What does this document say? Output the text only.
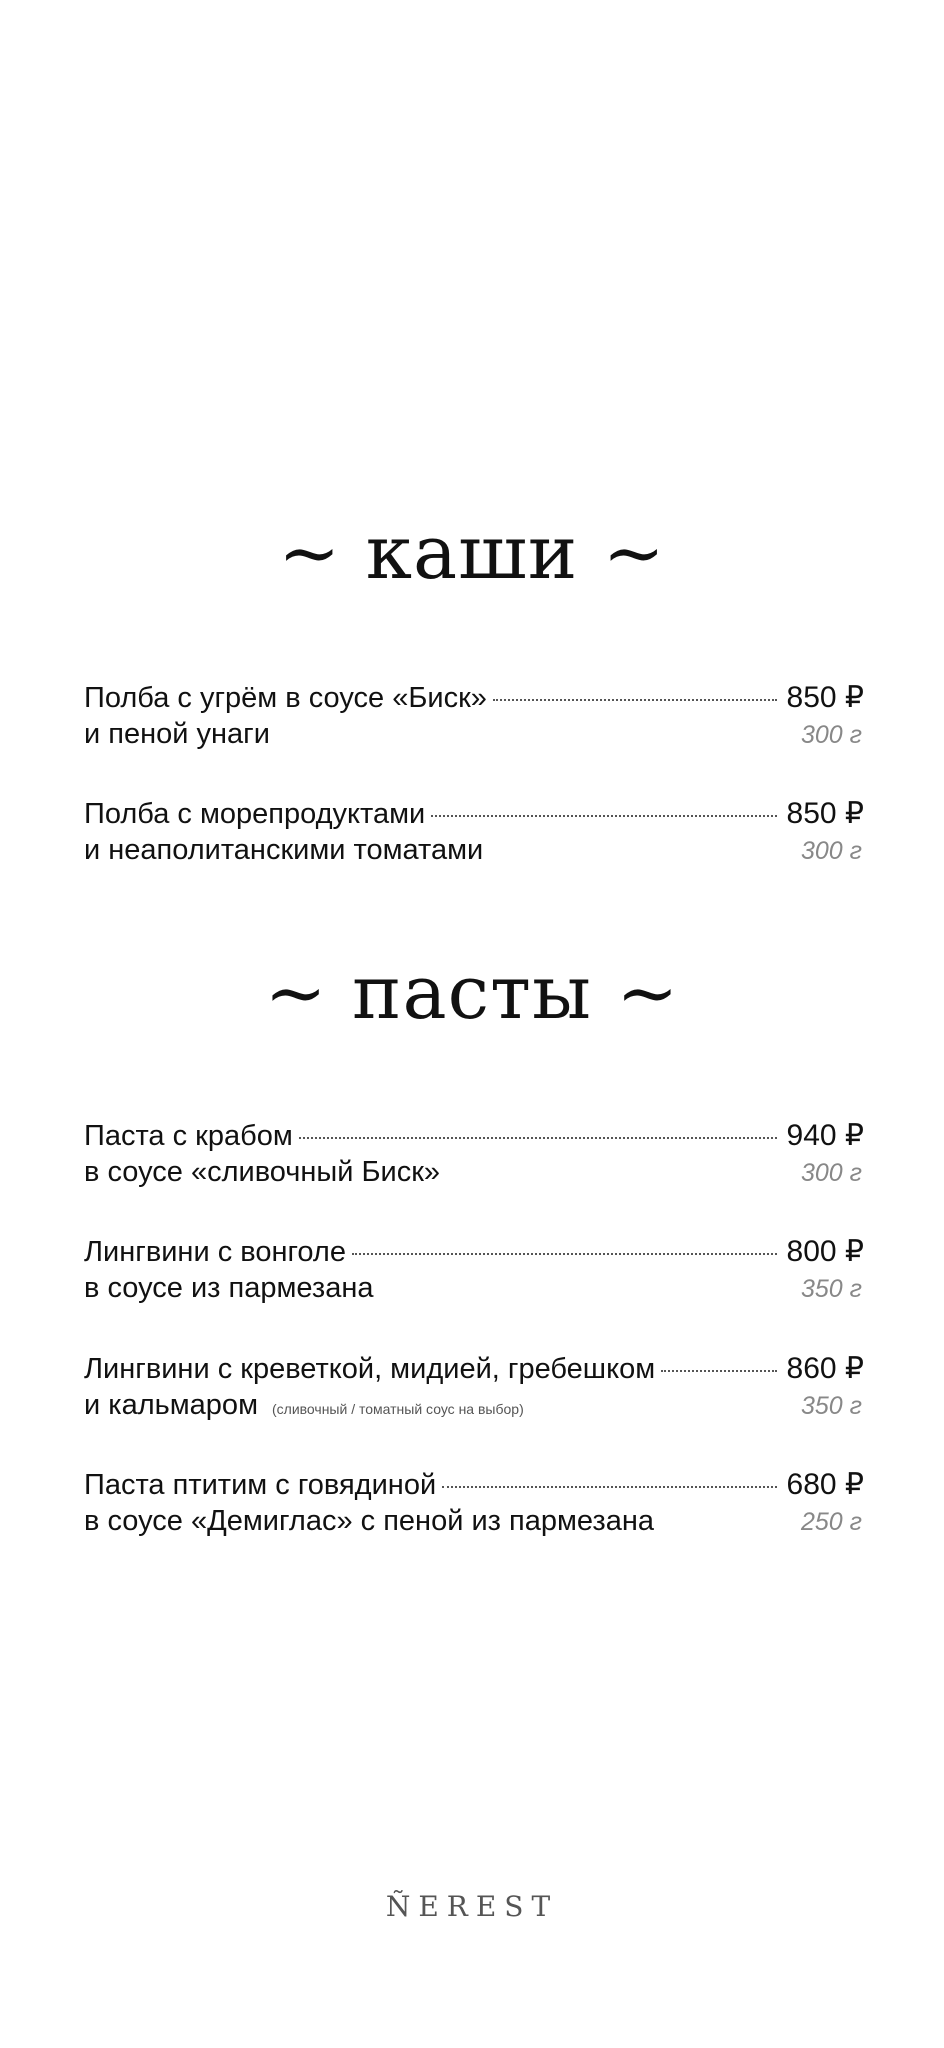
~ каши ~
Полба с угрём в соусе «Биск»	850 ₽
и пеной унаги	300 г
Полба с морепродуктами	850 ₽
и неаполитанскими томатами	300 г
~ пасты ~
Паста с крабом	940 ₽
в соусе «сливочный Биск»	300 г
Лингвини с вонголе	800 ₽
в соусе из пармезана	350 г
Лингвини с креветкой, мидией, гребешком	860 ₽
и кальмаром (сливочный / томатный соус на выбор)	350 г
Паста птитим с говядиной	680 ₽
в соусе «Демиглас» с пеной из пармезана	250 г
ÑEREST
